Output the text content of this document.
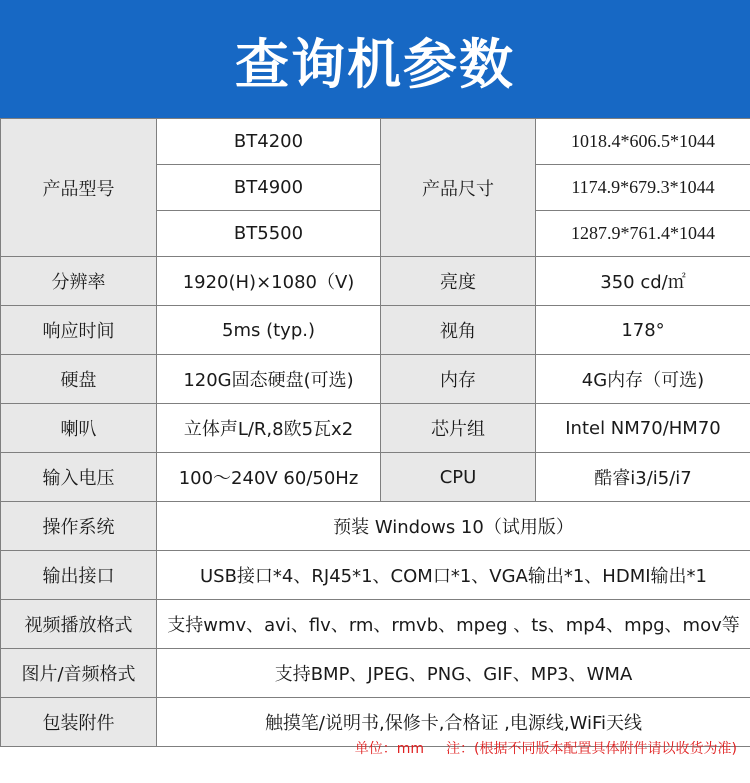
查询机参数
产品型号	BT4200	产品尺寸	1018.4*606.5*1044
	BT4900		1174.9*679.3*1044
	BT5500		1287.9*761.4*1044
分辨率	1920(H)×1080（V)	亮度	350 cd/㎡
响应时间	5ms (typ.)	视角	178°
硬盘	120G固态硬盘(可选)	内存	4G内存（可选)
喇叭	立体声L/R,8欧5瓦x2	芯片组	Intel NM70/HM70
输入电压	100～240V 60/50Hz	CPU	酷睿i3/i5/i7
操作系统	预装 Windows 10（试用版）		
输出接口	USB接口*4、RJ45*1、COM口*1、VGA输出*1、HDMI输出*1		
视频播放格式	支持wmv、avi、flv、rm、rmvb、mpeg 、ts、mp4、mpg、mov等		
图片/音频格式	支持BMP、JPEG、PNG、GIF、MP3、WMA		
包装附件	触摸笔/说明书,保修卡,合格证 ,电源线,WiFi天线		
单位：mm 注：(根据不同版本配置具体附件请以收货为准)
